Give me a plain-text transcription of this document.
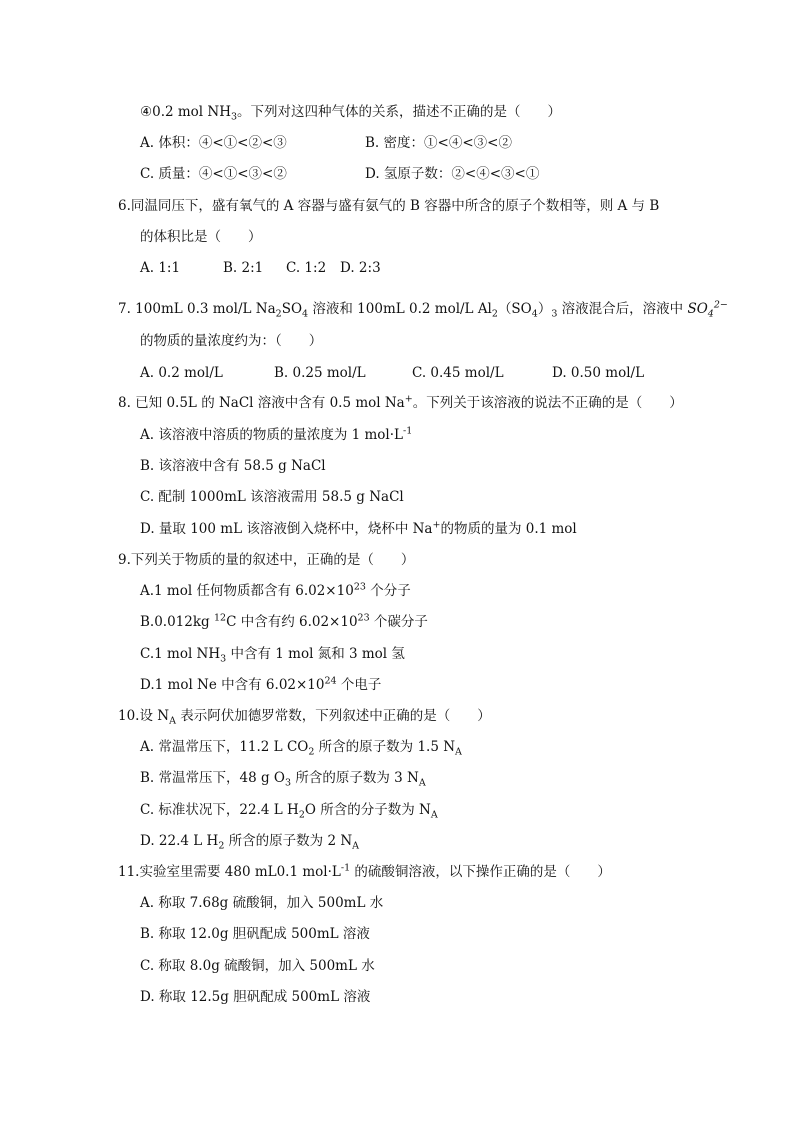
④0.2 mol $NH_3$。下列对这四种气体的关系，描述不正确的是（　　）
A. 体积：④<①<②<③	B. 密度：①<④<③<②
C. 质量：④<①<③<②	D. 氢原子数：②<④<③<①
6.同温同压下，盛有氧气的 A 容器与盛有氨气的 B 容器中所含的原子个数相等，则 A 与 B
的体积比是（　　）
A. 1:1	B. 2:1 C. 1:2 D. 2:3
7. 100mL 0.3 mol/L $Na_2SO_4$ 溶液和 100mL 0.2 mol/L $Al_2(SO_4)_3$ 溶液混合后，溶液中 $SO_4^{2-}$
的物质的量浓度约为：（　　）
A. 0.2 mol/L	B. 0.25 mol/L	C. 0.45 mol/L	D. 0.50 mol/L
8. 已知 0.5L 的 NaCl 溶液中含有 0.5 mol Na+。下列关于该溶液的说法不正确的是（　　）
A. 该溶液中溶质的物质的量浓度为 1 $mol\cdot L^{-1}$
B. 该溶液中含有 58.5 g NaCl
C. 配制 1000mL 该溶液需用 58.5 g NaCl
D. 量取 100 mL 该溶液倒入烧杯中，烧杯中 Na+的物质的量为 0.1 mol
9.下列关于物质的量的叙述中，正确的是（　　）
A.1 mol 任何物质都含有 $6.02\times 10^{23}$ 个分子
B.0.012kg $^{12}$C 中含有约 $6.02\times 10^{23}$ 个碳分子
C.1 mol $NH_3$ 中含有 1 mol 氮和 3 mol 氢
D.1 mol Ne 中含有 $6.02\times 10^{24}$ 个电子
10.设 $N_A$ 表示阿伏加德罗常数，下列叙述中正确的是（　　）
A. 常温常压下，11.2 L $CO_2$ 所含的原子数为 1.5 $N_A$
B. 常温常压下，48 g $O_3$ 所含的原子数为 3 $N_A$
C. 标准状况下，22.4 L $H_2O$ 所含的分子数为 $N_A$
D. 22.4 L $H_2$ 所含的原子数为 2 $N_A$
11.实验室里需要 480 mL0.1 $mol\cdot L^{-1}$ 的硫酸铜溶液，以下操作正确的是（　　）
A. 称取 7.68g 硫酸铜，加入 500mL 水
B. 称取 12.0g 胆矾配成 500mL 溶液
C. 称取 8.0g 硫酸铜，加入 500mL 水
D. 称取 12.5g 胆矾配成 500mL 溶液
